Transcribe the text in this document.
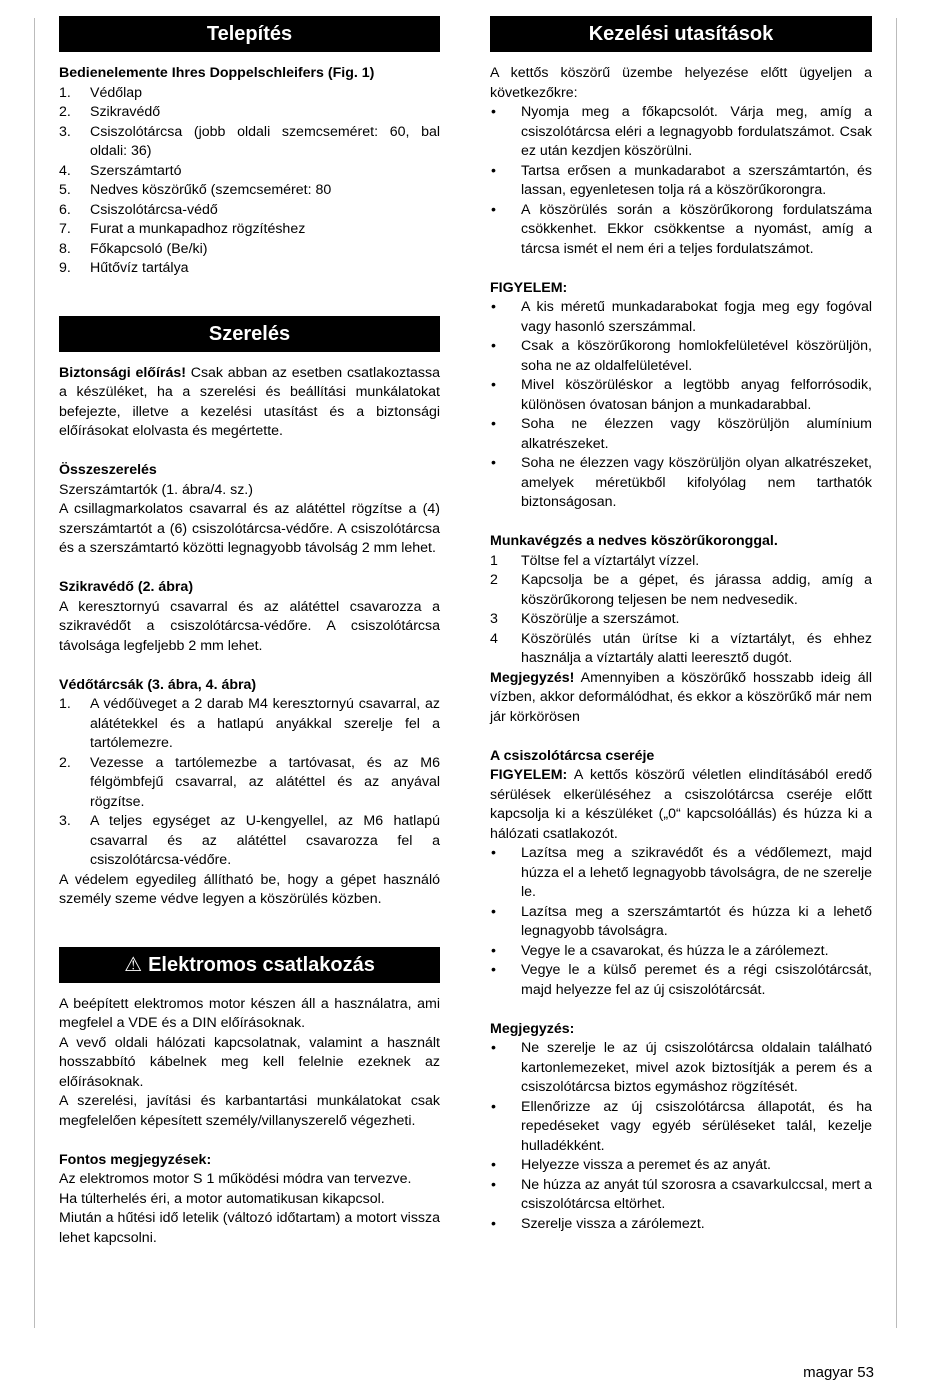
Telepítés

Bedienelemente Ihres Doppelschleifers (Fig. 1)

1. Védőlap
2. Szikravédő
3. Csiszolótárcsa (jobb oldali szemcseméret: 60, bal oldali: 36)
4. Szerszámtartó
5. Nedves köszörűkő (szemcseméret: 80
6. Csiszolótárcsa-védő
7. Furat a munkapadhoz rögzítéshez
8. Főkapcsoló (Be/ki)
9. Hűtővíz tartálya
Szerelés

Biztonsági előírás! Csak abban az esetben csatlakoztassa a készüléket, ha a szerelési és beállítási munkálatokat befejezte, illetve a kezelési utasítást és a biztonsági előírásokat elolvasta és megértette.

Összeszerelés

Szerszámtartók (1. ábra/4. sz.)

A csillagmarkolatos csavarral és az alátéttel rögzítse a (4) szerszámtartót a (6) csiszolótárcsa-védőre. A csiszolótárcsa és a szerszámtartó közötti legnagyobb távolság 2 mm lehet.

Szikravédő (2. ábra)

A keresztornyú csavarral és az alátéttel csavarozza a szikravédőt a csiszolótárcsa-védőre. A csiszolótárcsa távolsága legfeljebb 2 mm lehet.

Védőtárcsák (3. ábra, 4. ábra)

1. A védőüveget a 2 darab M4 keresztornyú csavarral, az alátétekkel és a hatlapú anyákkal szerelje fel a tartólemezre.
2. Vezesse a tartólemezbe a tartóvasat, és az M6 félgömbfejű csavarral, az alátéttel és az anyával rögzítse.
3. A teljes egységet az U-kengyellel, az M6 hatlapú csavarral és az alátéttel csavarozza fel a csiszolótárcsa-védőre.

A védelem egyedileg állítható be, hogy a gépet használó személy szeme védve legyen a köszörülés közben.

⚠ Elektromos csatlakozás

A beépített elektromos motor készen áll a használatra, ami megfelel a VDE és a DIN előírásoknak.

A vevő oldali hálózati kapcsolatnak, valamint a használt hosszabbító kábelnek meg kell felelnie ezeknek az előírásoknak.

A szerelési, javítási és karbantartási munkálatokat csak megfelelően képesített személy/villanyszerelő végezheti.

Fontos megjegyzések:

Az elektromos motor S 1 működési módra van tervezve.

Ha túlterhelés éri, a motor automatikusan kikapcsol.

Miután a hűtési idő letelik (változó időtartam) a motort vissza lehet kapcsolni.

Kezelési utasítások

A kettős köszörű üzembe helyezése előtt ügyeljen a következőkre:

• Nyomja meg a főkapcsolót. Várja meg, amíg a csiszolótárcsa eléri a legnagyobb fordulatszámot. Csak ez után kezdjen köszörülni.
• Tartsa erősen a munkadarabot a szerszámtartón, és lassan, egyenletesen tolja rá a köszörűkorongra.
• A köszörülés során a köszörűkorong fordulatszáma csökkenhet. Ekkor csökkentse a nyomást, amíg a tárcsa ismét el nem éri a teljes fordulatszámot.

FIGYELEM:

• A kis méretű munkadarabokat fogja meg egy fogóval vagy hasonló szerszámmal.
• Csak a köszörűkorong homlokfelületével köszörüljön, soha ne az oldalfelületével.
• Mivel köszörüléskor a legtöbb anyag felforrósodik, különösen óvatosan bánjon a munkadarabbal.
• Soha ne élezzen vagy köszörüljön alumínium alkatrészeket.
• Soha ne élezzen vagy köszörüljön olyan alkatrészeket, amelyek méretükből kifolyólag nem tarthatók biztonságosan.

Munkavégzés a nedves köszörűkoronggal.

1 Töltse fel a víztartályt vízzel.
2 Kapcsolja be a gépet, és járassa addig, amíg a köszörűkorong teljesen be nem nedvesedik.
3 Köszörülje a szerszámot.
4 Köszörülés után ürítse ki a víztartályt, és ehhez használja a víztartály alatti leeresztő dugót.

Megjegyzés! Amennyiben a köszörűkő hosszabb ideig áll vízben, akkor deformálódhat, és ekkor a köszörűkő már nem jár körkörösen

A csiszolótárcsa cseréje

FIGYELEM: A kettős köszörű véletlen elindításából eredő sérülések elkerüléséhez a csiszolótárcsa cseréje előtt kapcsolja ki a készüléket („0“ kapcsolóállás) és húzza ki a hálózati csatlakozót.

• Lazítsa meg a szikravédőt és a védőlemezt, majd húzza el a lehető legnagyobb távolságra, de ne szerelje le.
• Lazítsa meg a szerszámtartót és húzza ki a lehető legnagyobb távolságra.
• Vegye le a csavarokat, és húzza le a zárólemezt.
• Vegye le a külső peremet és a régi csiszolótárcsát, majd helyezze fel az új csiszolótárcsát.

Megjegyzés:

• Ne szerelje le az új csiszolótárcsa oldalain található kartonlemezeket, mivel azok biztosítják a perem és a csiszolótárcsa biztos egymáshoz rögzítését.
• Ellenőrizze az új csiszolótárcsa állapotát, és ha repedéseket vagy egyéb sérüléseket talál, kezelje hulladékként.
• Helyezze vissza a peremet és az anyát.
• Ne húzza az anyát túl szorosra a csavarkulccsal, mert a csiszolótárcsa eltörhet.
• Szerelje vissza a zárólemezt.
magyar 53
